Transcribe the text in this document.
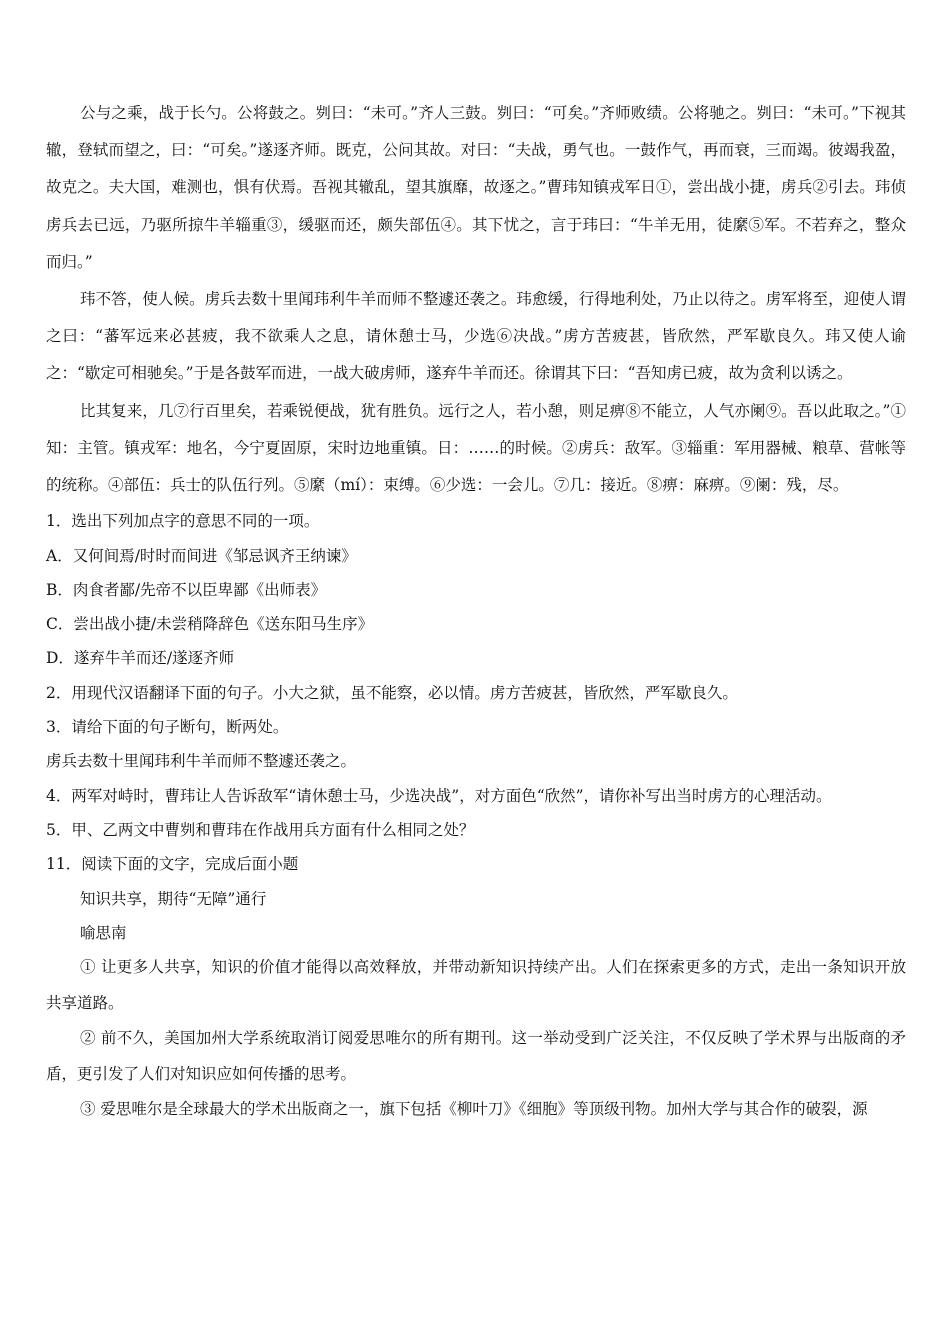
公与之乘，战于长勺。公将鼓之。刿曰：“未可。”齐人三鼓。刿曰：“可矣。”齐师败绩。公将驰之。刿曰：“未可。”下视其辙，登轼而望之，曰：“可矣。”遂逐齐师。既克，公问其故。对曰：“夫战，勇气也。一鼓作气，再而衰，三而竭。彼竭我盈，故克之。夫大国，难测也，惧有伏焉。吾视其辙乱，望其旗靡，故逐之。”曹玮知镇戎军日①，尝出战小捷，虏兵②引去。玮侦虏兵去已远，乃驱所掠牛羊辎重③，缓驱而还，颇失部伍④。其下忧之，言于玮曰：“牛羊无用，徒縻⑤军。不若弃之，整众而归。”

玮不答，使人候。虏兵去数十里闻玮利牛羊而师不整遽还袭之。玮愈缓，行得地利处，乃止以待之。虏军将至，迎使人谓之曰：“蕃军远来必甚疲，我不欲乘人之息，请休憩士马，少选⑥决战。”虏方苦疲甚，皆欣然，严军歇良久。玮又使人谕之：“歇定可相驰矣。”于是各鼓军而进，一战大破虏师，遂弃牛羊而还。徐谓其下曰：“吾知虏已疲，故为贪利以诱之。

比其复来，几⑦行百里矣，若乘锐便战，犹有胜负。远行之人，若小憩，则足痹⑧不能立，人气亦阑⑨。吾以此取之。”①知：主管。镇戎军：地名，今宁夏固原，宋时边地重镇。日：……的时候。②虏兵：敌军。③辎重：军用器械、粮草、营帐等的统称。④部伍：兵士的队伍行列。⑤縻（mí）：束缚。⑥少选：一会儿。⑦几：接近。⑧痹：麻痹。⑨阑：残，尽。

1．选出下列加点字的意思不同的一项。

A．又何间焉/时时而间进《邹忌讽齐王纳谏》

B．肉食者鄙/先帝不以臣卑鄙《出师表》

C．尝出战小捷/未尝稍降辞色《送东阳马生序》

D．遂弃牛羊而还/遂逐齐师

2．用现代汉语翻译下面的句子。小大之狱，虽不能察，必以情。虏方苦疲甚，皆欣然，严军歇良久。

3．请给下面的句子断句，断两处。

虏兵去数十里闻玮利牛羊而师不整遽还袭之。

4．两军对峙时，曹玮让人告诉敌军“请休憩士马，少选决战”，对方面色“欣然”，请你补写出当时虏方的心理活动。

5．甲、乙两文中曹刿和曹玮在作战用兵方面有什么相同之处？

11．阅读下面的文字，完成后面小题

知识共享，期待“无障”通行

喻思南

① 让更多人共享，知识的价值才能得以高效释放，并带动新知识持续产出。人们在探索更多的方式，走出一条知识开放共享道路。

② 前不久，美国加州大学系统取消订阅爱思唯尔的所有期刊。这一举动受到广泛关注，不仅反映了学术界与出版商的矛盾，更引发了人们对知识应如何传播的思考。

③ 爱思唯尔是全球最大的学术出版商之一，旗下包括《柳叶刀》《细胞》等顶级刊物。加州大学与其合作的破裂，源
